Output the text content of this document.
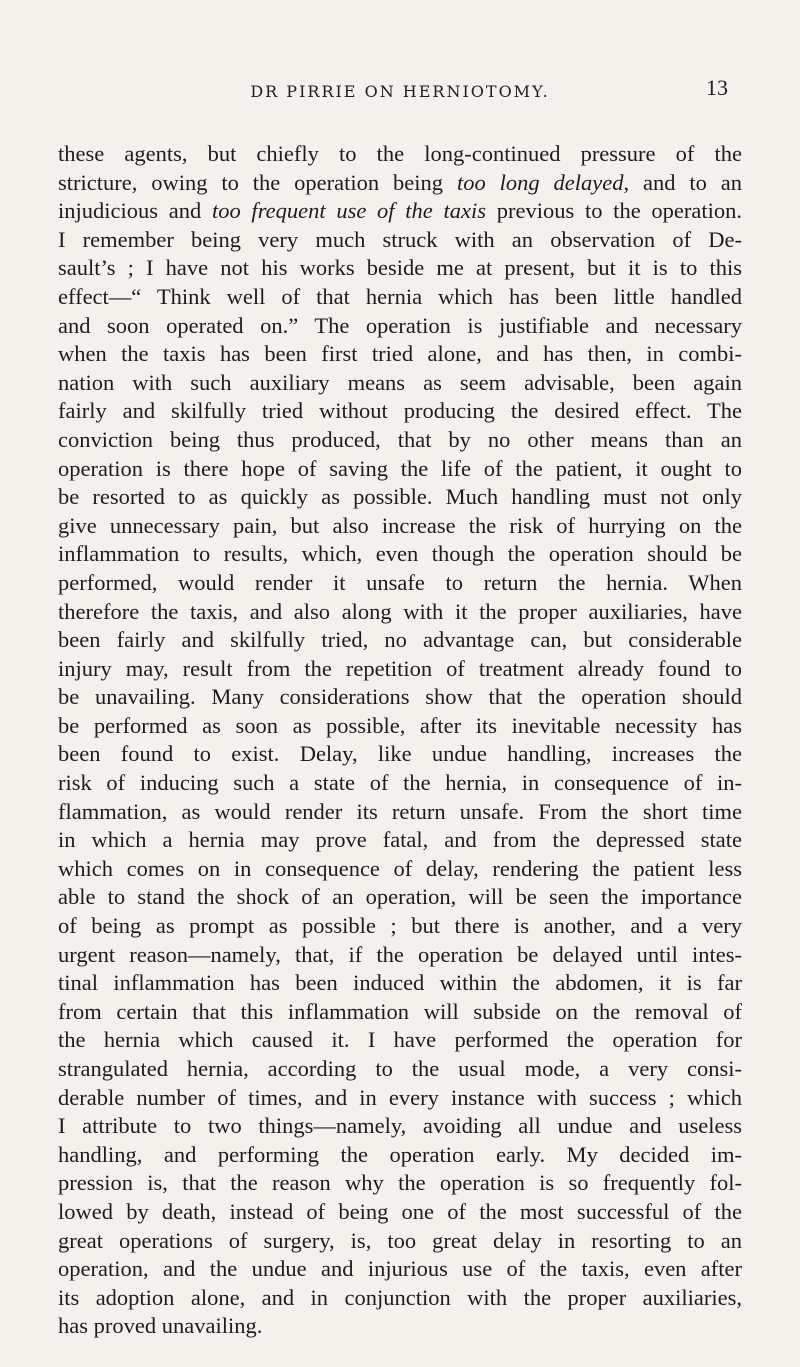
DR PIRRIE ON HERNIOTOMY.	13
these agents, but chiefly to the long-continued pressure of the
stricture, owing to the operation being too long delayed, and to an
injudicious and too frequent use of the taxis previous to the operation.
I remember being very much struck with an observation of De-
sault’s ; I have not his works beside me at present, but it is to this
effect—“ Think well of that hernia which has been little handled
and soon operated on.” The operation is justifiable and necessary
when the taxis has been first tried alone, and has then, in combi-
nation with such auxiliary means as seem advisable, been again
fairly and skilfully tried without producing the desired effect. The
conviction being thus produced, that by no other means than an
operation is there hope of saving the life of the patient, it ought to
be resorted to as quickly as possible. Much handling must not only
give unnecessary pain, but also increase the risk of hurrying on the
inflammation to results, which, even though the operation should be
performed, would render it unsafe to return the hernia. When
therefore the taxis, and also along with it the proper auxiliaries, have
been fairly and skilfully tried, no advantage can, but considerable
injury may, result from the repetition of treatment already found to
be unavailing. Many considerations show that the operation should
be performed as soon as possible, after its inevitable necessity has
been found to exist. Delay, like undue handling, increases the
risk of inducing such a state of the hernia, in consequence of in-
flammation, as would render its return unsafe. From the short time
in which a hernia may prove fatal, and from the depressed state
which comes on in consequence of delay, rendering the patient less
able to stand the shock of an operation, will be seen the importance
of being as prompt as possible ; but there is another, and a very
urgent reason—namely, that, if the operation be delayed until intes-
tinal inflammation has been induced within the abdomen, it is far
from certain that this inflammation will subside on the removal of
the hernia which caused it. I have performed the operation for
strangulated hernia, according to the usual mode, a very consi-
derable number of times, and in every instance with success ; which
I attribute to two things—namely, avoiding all undue and useless
handling, and performing the operation early. My decided im-
pression is, that the reason why the operation is so frequently fol-
lowed by death, instead of being one of the most successful of the
great operations of surgery, is, too great delay in resorting to an
operation, and the undue and injurious use of the taxis, even after
its adoption alone, and in conjunction with the proper auxiliaries,
has proved unavailing.
